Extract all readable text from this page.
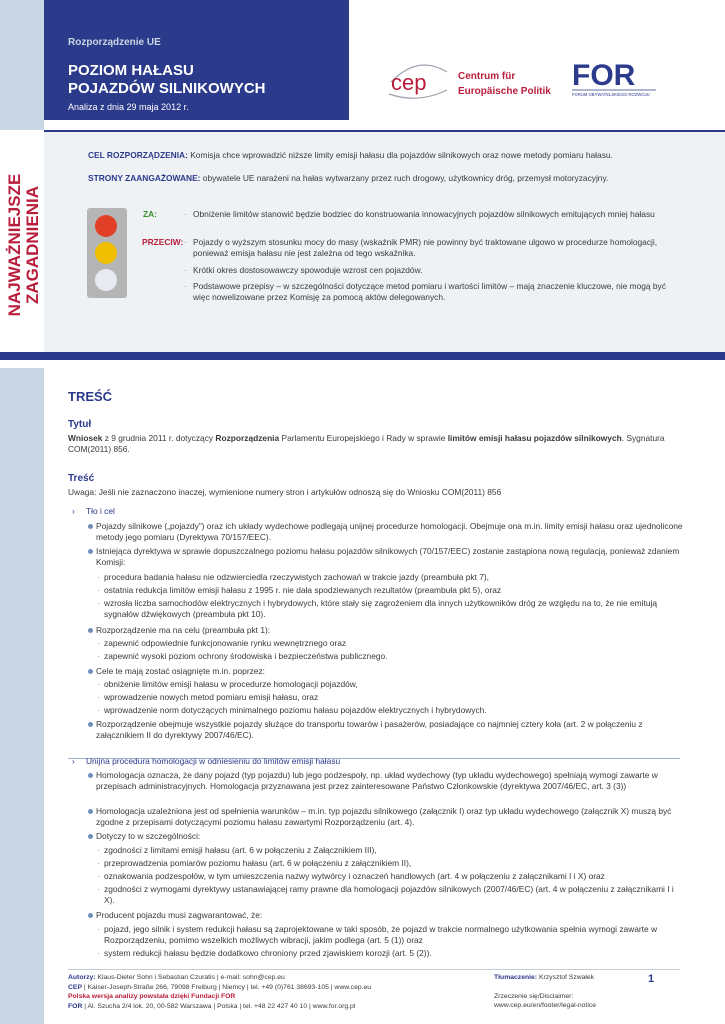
Rozporządzenie UE
POZIOM HAŁASU
POJAZDÓW SILNIKOWYCH
Analiza z dnia 29 maja 2012 r.
cep	Centrum für
Europäische Politik FOR
FORUM OBYWATELSKIEGO ROZWOJU
NAJWAŻNIEJSZE ZAGADNIENIA
CEL ROZPORZĄDZENIA: Komisja chce wprowadzić niższe limity emisji hałasu dla pojazdów silnikowych oraz nowe metody pomiaru hałasu.
STRONY ZAANGAŻOWANE: obywatele UE narażeni na hałas wytwarzany przez ruch drogowy, użytkownicy dróg, przemysł motoryzacyjny.
ZA:
PRZECIW:
· Obniżenie limitów stanowić będzie bodziec do konstruowania innowacyjnych pojazdów silnikowych emitujących mniej hałasu
· Pojazdy o wyższym stosunku mocy do masy (wskaźnik PMR) nie powinny być traktowane ulgowo w procedurze homologacji, ponieważ emisja hałasu nie jest zależna od tego wskaźnika.
· Krótki okres dostosowawczy spowoduje wzrost cen pojazdów.
· Podstawowe przepisy – w szczególności dotyczące metod pomiaru i wartości limitów – mają znaczenie kluczowe, nie mogą być więc nowelizowane przez Komisję za pomocą aktów delegowanych.
TREŚĆ
Tytuł
Wniosek z 9 grudnia 2011 r. dotyczący Rozporządzenia Parlamentu Europejskiego i Rady w sprawie limitów emisji hałasu pojazdów silnikowych. Sygnatura COM(2011) 856.
Treść
Uwaga: Jeśli nie zaznaczono inaczej, wymienione numery stron i artykułów odnoszą się do Wniosku COM(2011) 856
› Tło i cel
Pojazdy silnikowe („pojazdy”) oraz ich układy wydechowe podlegają unijnej procedurze homologacji. Obejmuje ona m.in. limity emisji hałasu oraz ujednolicone metody jego pomiaru (Dyrektywa 70/157/EEC).
Istniejąca dyrektywa w sprawie dopuszczalnego poziomu hałasu pojazdów silnikowych (70/157/EEC) zostanie zastąpiona nową regulacją, ponieważ zdaniem Komisji:
· procedura badania hałasu nie odzwierciedla rzeczywistych zachowań w trakcie jazdy (preambuła pkt 7),
· ostatnia redukcja limitów emisji hałasu z 1995 r. nie dała spodziewanych rezultatów (preambuła pkt 5), oraz
· wzrosła liczba samochodów elektrycznych i hybrydowych, które stały się zagrożeniem dla innych użytkowników dróg ze względu na to, że nie emitują sygnałów dźwiękowych (preambuła pkt 10).
Rozporządzenie ma na celu (preambuła pkt 1):
· zapewnić odpowiednie funkcjonowanie rynku wewnętrznego oraz
· zapewnić wysoki poziom ochrony środowiska i bezpieczeństwa publicznego.
Cele te mają zostać osiągnięte m.in. poprzez:
· obniżenie limitów emisji hałasu w procedurze homologacji pojazdów,
· wprowadzenie nowych metod pomiaru emisji hałasu, oraz
· wprowadzenie norm dotyczących minimalnego poziomu hałasu pojazdów elektrycznych i hybrydowych.
Rozporządzenie obejmuje wszystkie pojazdy służące do transportu towarów i pasażerów, posiadające co najmniej cztery koła (art. 2 w połączeniu z załącznikiem II do dyrektywy 2007/46/EC).
› Unijna procedura homologacji w odniesieniu do limitów emisji hałasu
Homologacja oznacza, że dany pojazd (typ pojazdu) lub jego podzespoły, np. układ wydechowy (typ układu wydechowego) spełniają wymogi zawarte w przepisach administracyjnych. Homologacja przyznawana jest przez zainteresowane Państwo Członkowskie (dyrektywa 2007/46/EC, art. 3 (3))
Homologacja uzależniona jest od spełnienia warunków – m.in. typ pojazdu silnikowego (załącznik I) oraz typ układu wydechowego (załącznik X) muszą być zgodne z przepisami dotyczącymi poziomu hałasu zawartymi Rozporządzeniu (art. 4).
Dotyczy to w szczególności:
· zgodności z limitami emisji hałasu (art. 6 w połączeniu z Załącznikiem III),
· przeprowadzenia pomiarów poziomu hałasu (art. 6 w połączeniu z załącznikiem II),
· oznakowania podzespołów, w tym umieszczenia nazwy wytwórcy i oznaczeń handlowych (art. 4 w połączeniu z załącznikami I i X) oraz
· zgodności z wymogami dyrektywy ustanawiającej ramy prawne dla homologacji pojazdów silnikowych (2007/46/EC) (art. 4 w połączeniu z załącznikami I i X).
Producent pojazdu musi zagwarantować, że:
· pojazd, jego silnik i system redukcji hałasu są zaprojektowane w taki sposób, że pojazd w trakcie normalnego użytkowania spełnia wymogi zawarte w Rozporządzeniu, pomimo wszelkich możliwych wibracji, jakim podlega (art. 5 (1)) oraz
· system redukcji hałasu będzie dodatkowo chroniony przed zjawiskiem korozji (art. 5 (2)).
Autorzy: Klaus-Dieter Sohn i Sebastian Czuratis | e-mail: sohn@cep.eu
CEP | Kaiser-Joseph-Straße 266, 79098 Freiburg | Niemcy | tel. +49 (0)761 38693-105 | www.cep.eu
Polska wersja analizy powstała dzięki Fundacji FOR
FOR | Al. Szucha 2/4 lok. 20, 00-582 Warszawa | Polska | tel. +48 22 427 40 10 | www.for.org.pl
Tłumaczenie: Krzysztof Szwałek
Zrzeczenie się/Disclaimer:
www.cep.eu/en/footer/legal-notice
1
